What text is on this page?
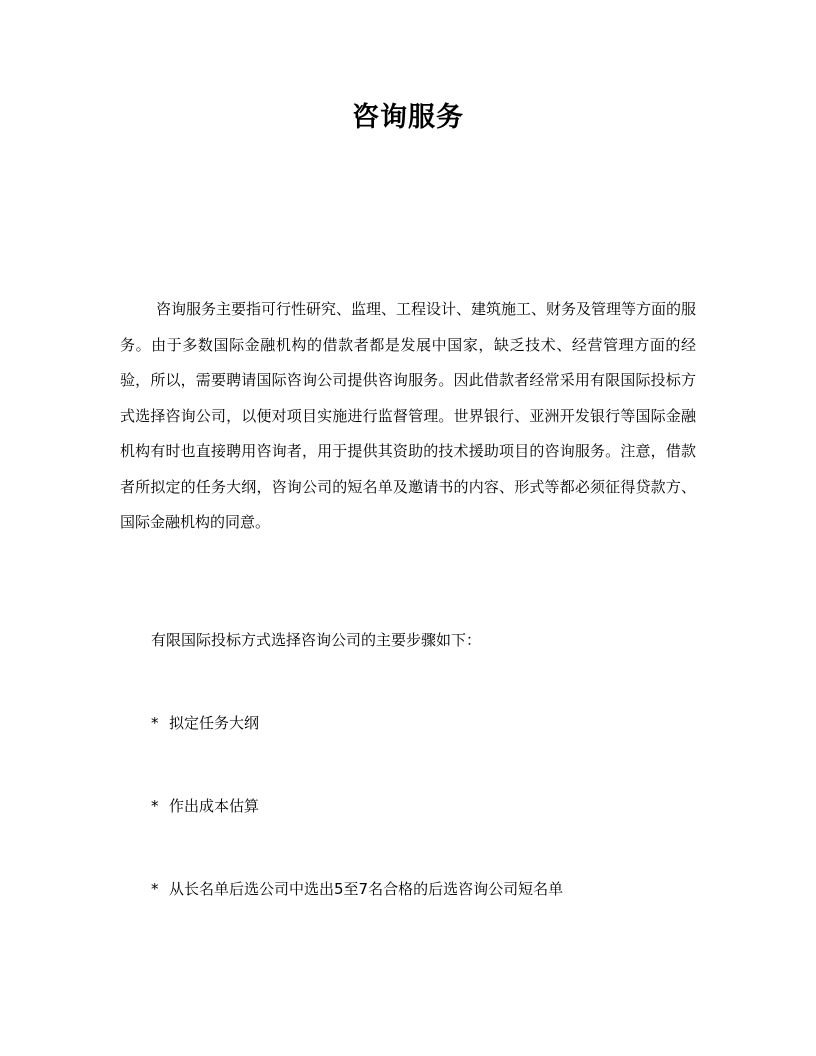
咨询服务

咨询服务主要指可行性研究、监理、工程设计、建筑施工、财务及管理等方面的服务。由于多数国际金融机构的借款者都是发展中国家，缺乏技术、经营管理方面的经验，所以，需要聘请国际咨询公司提供咨询服务。因此借款者经常采用有限国际投标方式选择咨询公司，以便对项目实施进行监督管理。世界银行、亚洲开发银行等国际金融机构有时也直接聘用咨询者，用于提供其资助的技术援助项目的咨询服务。注意，借款者所拟定的任务大纲，咨询公司的短名单及邀请书的内容、形式等都必须征得贷款方、国际金融机构的同意。

有限国际投标方式选择咨询公司的主要步骤如下：

* 拟定任务大纲

* 作出成本估算

* 从长名单后选公司中选出5至7名合格的后选咨询公司短名单
